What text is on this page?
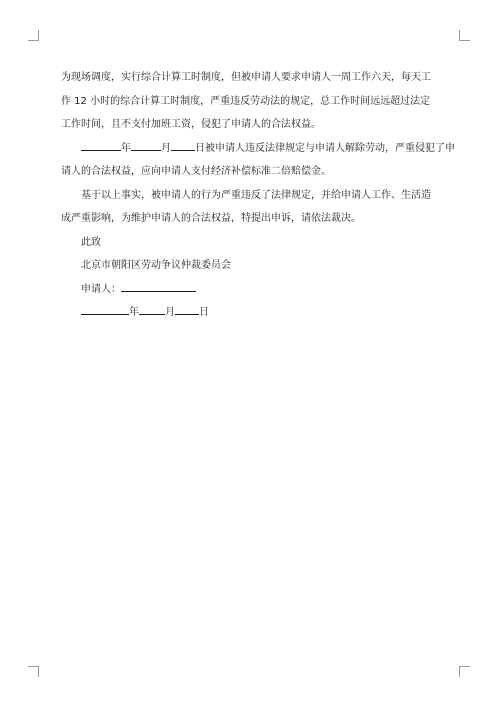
为现场调度，实行综合计算工时制度，但被申请人要求申请人一周工作六天，每天工
作 12 小时的综合计算工时制度，严重违反劳动法的规定，总工作时间远远超过法定
工作时间，且不支付加班工资，侵犯了申请人的合法权益。
年	月 日被申请人违反法律规定与申请人解除劳动，严重侵犯了申
请人的合法权益，应向申请人支付经济补偿标准二倍赔偿金。
基于以上事实，被申请人的行为严重违反了法律规定，并给申请人工作、生活造
成严重影响，为维护申请人的合法权益，特提出申诉，请依法裁决。
此致
北京市朝阳区劳动争议仲裁委员会
申请人：
年	月 日
